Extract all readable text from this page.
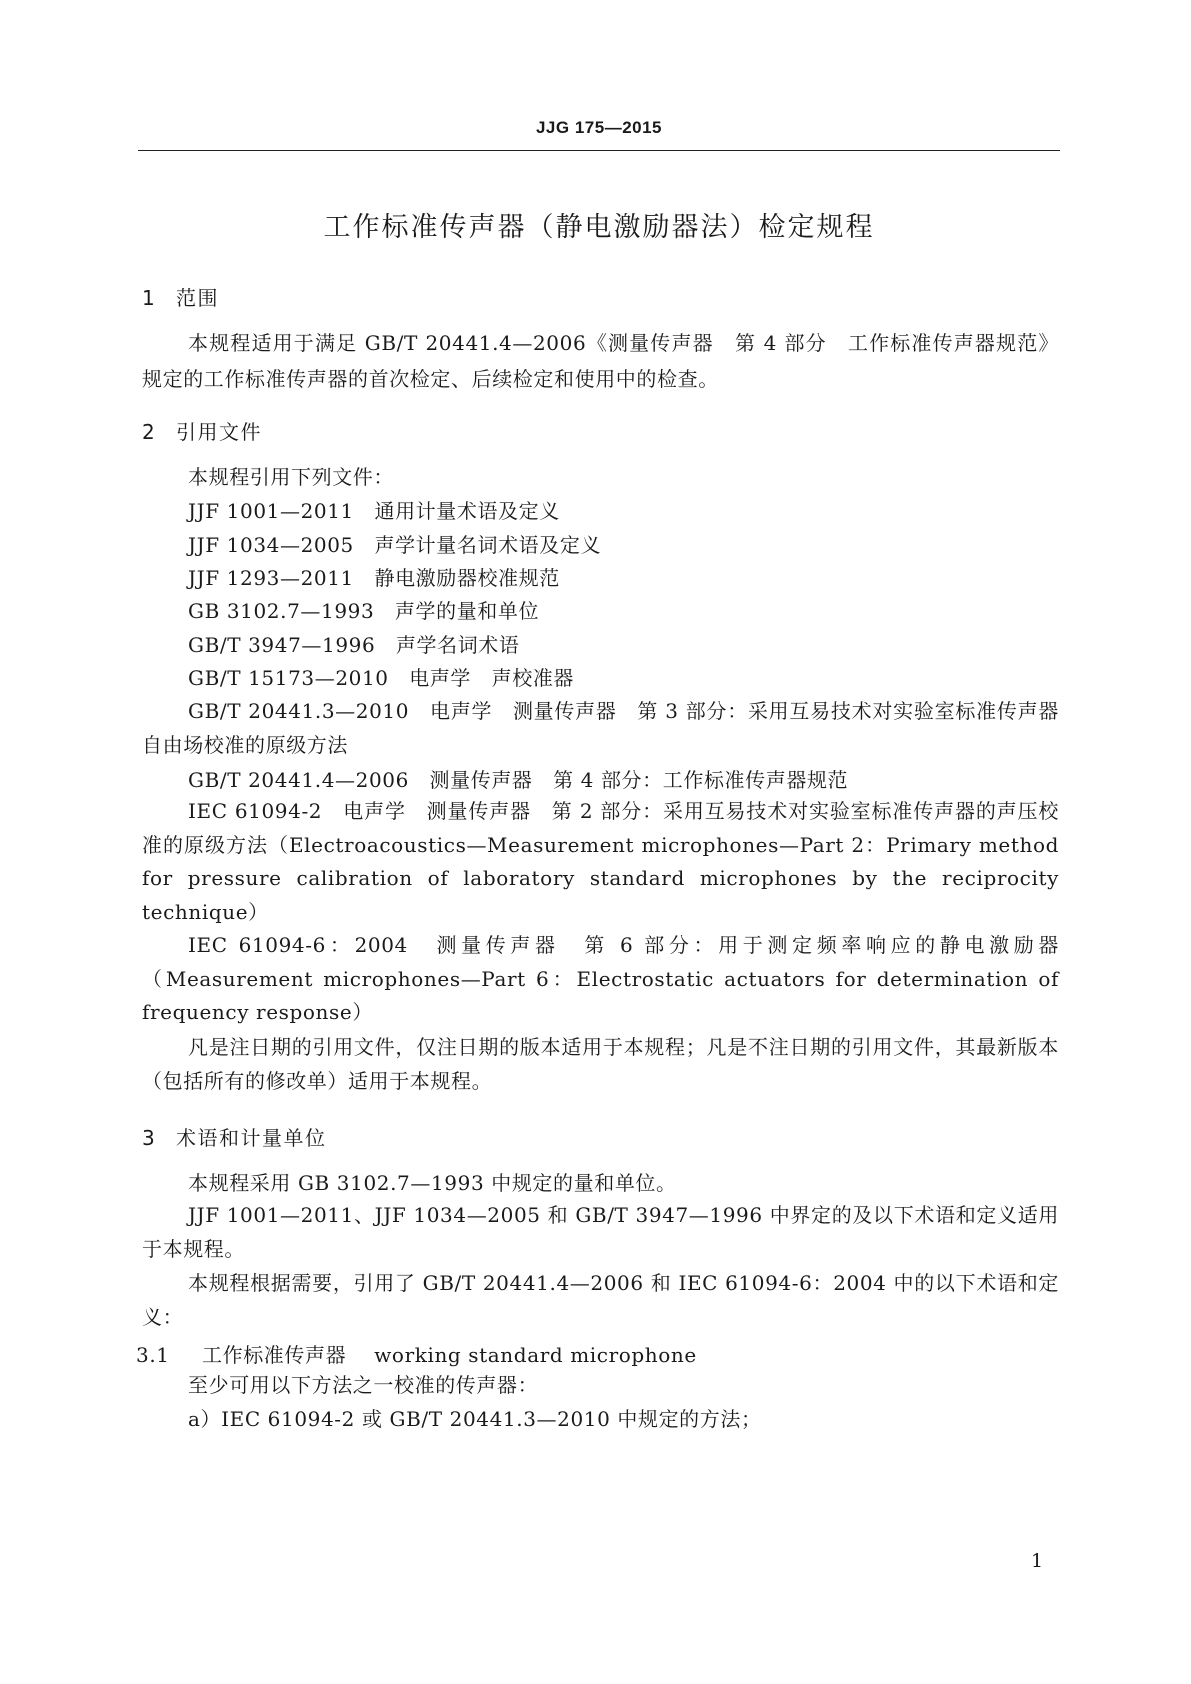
JJG 175—2015
工作标准传声器（静电激励器法）检定规程
1 范围
本规程适用于满足 GB/T 20441.4—2006《测量传声器　第 4 部分　工作标准传声器规范》规定的工作标准传声器的首次检定、后续检定和使用中的检查。
2 引用文件
本规程引用下列文件：
JJF 1001—2011　通用计量术语及定义
JJF 1034—2005　声学计量名词术语及定义
JJF 1293—2011　静电激励器校准规范
GB 3102.7—1993　声学的量和单位
GB/T 3947—1996　声学名词术语
GB/T 15173—2010　电声学　声校准器
GB/T 20441.3—2010　电声学　测量传声器　第 3 部分：采用互易技术对实验室标准传声器自由场校准的原级方法
GB/T 20441.4—2006　测量传声器　第 4 部分：工作标准传声器规范
IEC 61094-2　电声学　测量传声器　第 2 部分：采用互易技术对实验室标准传声器的声压校准的原级方法（Electroacoustics—Measurement microphones—Part 2：Primary method for pressure calibration of laboratory standard microphones by the reciprocity technique）
IEC 61094-6：2004　测量传声器　第 6 部分：用于测定频率响应的静电激励器（Measurement microphones—Part 6：Electrostatic actuators for determination of frequency response）
凡是注日期的引用文件，仅注日期的版本适用于本规程；凡是不注日期的引用文件，其最新版本（包括所有的修改单）适用于本规程。
3 术语和计量单位
本规程采用 GB 3102.7—1993 中规定的量和单位。
JJF 1001—2011、JJF 1034—2005 和 GB/T 3947—1996 中界定的及以下术语和定义适用于本规程。
本规程根据需要，引用了 GB/T 20441.4—2006 和 IEC 61094-6：2004 中的以下术语和定义：
3.1 工作标准传声器 working standard microphone
至少可用以下方法之一校准的传声器：
a）IEC 61094-2 或 GB/T 20441.3—2010 中规定的方法；
1
